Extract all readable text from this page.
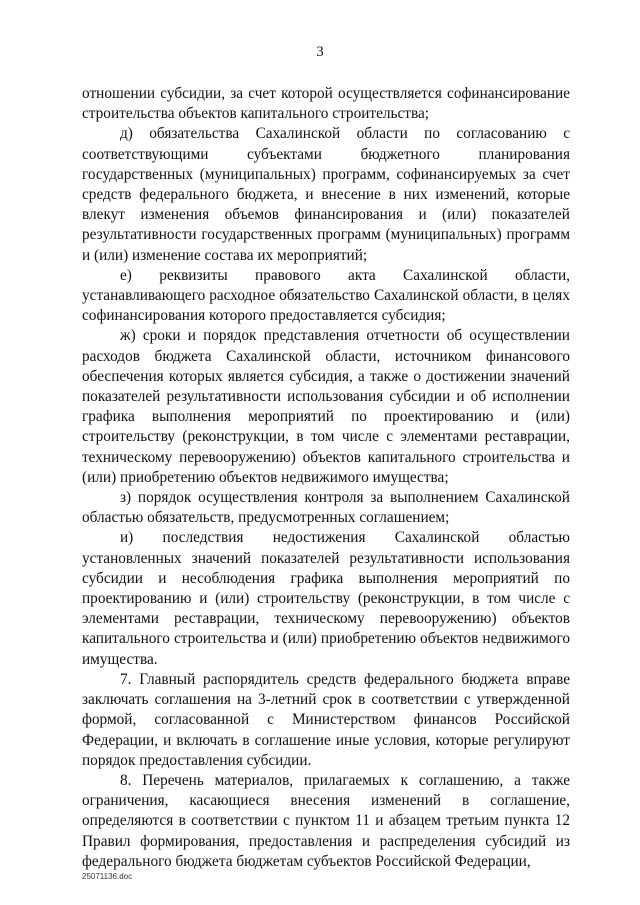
3

отношении субсидии, за счет которой осуществляется софинансирование строительства объектов капитального строительства;

д) обязательства Сахалинской области по согласованию с соответствующими субъектами бюджетного планирования государственных (муниципальных) программ, софинансируемых за счет средств федерального бюджета, и внесение в них изменений, которые влекут изменения объемов финансирования и (или) показателей результативности государственных программ (муниципальных) программ и (или) изменение состава их мероприятий;

е) реквизиты правового акта Сахалинской области, устанавливающего расходное обязательство Сахалинской области, в целях софинансирования которого предоставляется субсидия;

ж) сроки и порядок представления отчетности об осуществлении расходов бюджета Сахалинской области, источником финансового обеспечения которых является субсидия, а также о достижении значений показателей результативности использования субсидии и об исполнении графика выполнения мероприятий по проектированию и (или) строительству (реконструкции, в том числе с элементами реставрации, техническому перевооружению) объектов капитального строительства и (или) приобретению объектов недвижимого имущества;

з) порядок осуществления контроля за выполнением Сахалинской областью обязательств, предусмотренных соглашением;

и) последствия недостижения Сахалинской областью установленных значений показателей результативности использования субсидии и несоблюдения графика выполнения мероприятий по проектированию и (или) строительству (реконструкции, в том числе с элементами реставрации, техническому перевооружению) объектов капитального строительства и (или) приобретению объектов недвижимого имущества.

7. Главный распорядитель средств федерального бюджета вправе заключать соглашения на 3-летний срок в соответствии с утвержденной формой, согласованной с Министерством финансов Российской Федерации, и включать в соглашение иные условия, которые регулируют порядок предоставления субсидии.

8. Перечень материалов, прилагаемых к соглашению, а также ограничения, касающиеся внесения изменений в соглашение, определяются в соответствии с пунктом 11 и абзацем третьим пункта 12 Правил формирования, предоставления и распределения субсидий из федерального бюджета бюджетам субъектов Российской Федерации,

25071136.doc
